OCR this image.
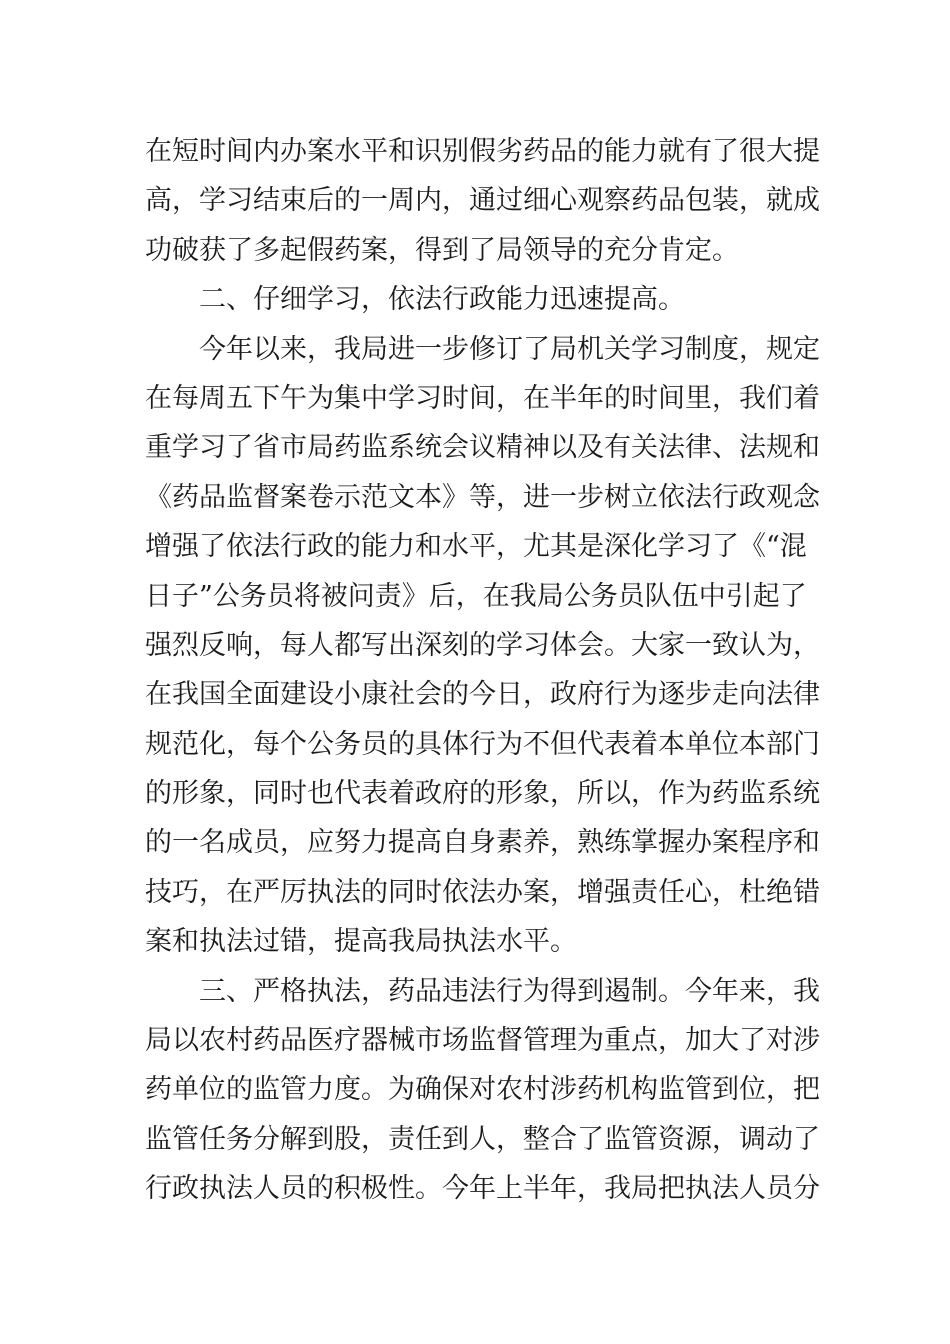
在短时间内办案水平和识别假劣药品的能力就有了很大提
高，学习结束后的一周内，通过细心观察药品包装，就成
功破获了多起假药案，得到了局领导的充分肯定。
二、仔细学习，依法行政能力迅速提高。
今年以来，我局进一步修订了局机关学习制度，规定
在每周五下午为集中学习时间，在半年的时间里，我们着
重学习了省市局药监系统会议精神以及有关法律、法规和
《药品监督案卷示范文本》等，进一步树立依法行政观念
增强了依法行政的能力和水平，尤其是深化学习了《“混
日子”公务员将被问责》后，在我局公务员队伍中引起了
强烈反响，每人都写出深刻的学习体会。大家一致认为，
在我国全面建设小康社会的今日，政府行为逐步走向法律
规范化，每个公务员的具体行为不但代表着本单位本部门
的形象，同时也代表着政府的形象，所以，作为药监系统
的一名成员，应努力提高自身素养，熟练掌握办案程序和
技巧，在严厉执法的同时依法办案，增强责任心，杜绝错
案和执法过错，提高我局执法水平。
三、严格执法，药品违法行为得到遏制。今年来，我
局以农村药品医疗器械市场监督管理为重点，加大了对涉
药单位的监管力度。为确保对农村涉药机构监管到位，把
监管任务分解到股，责任到人，整合了监管资源，调动了
行政执法人员的积极性。今年上半年，我局把执法人员分
